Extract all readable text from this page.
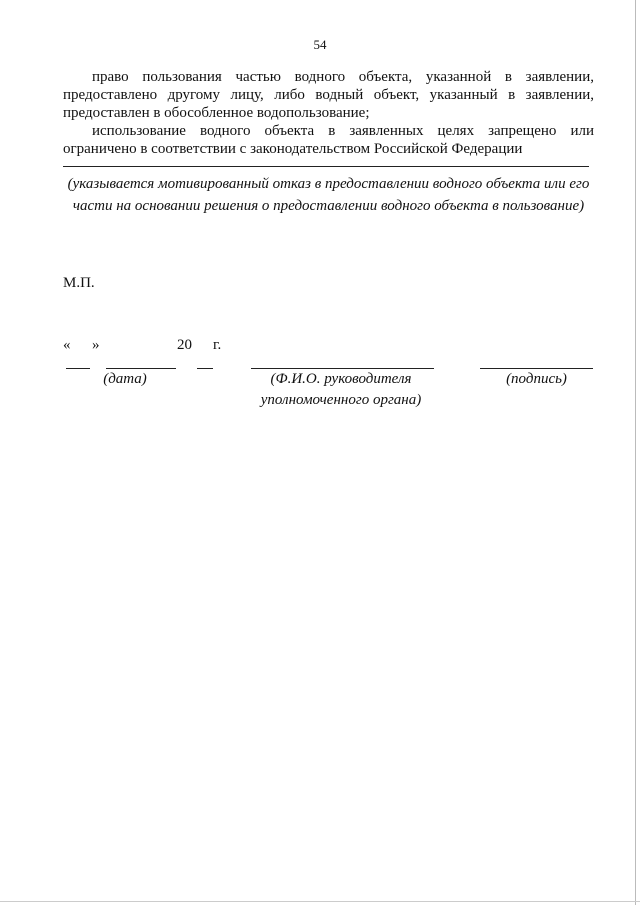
54
право пользования частью водного объекта, указанной в заявлении, предоставлено другому лицу, либо водный объект, указанный в заявлении, предоставлен в обособленное водопользование;
использование водного объекта в заявленных целях запрещено или ограничено в соответствии с законодательством Российской Федерации
(указывается мотивированный отказ в предоставлении водного объекта или его части на основании решения о предоставлении водного объекта в пользование)
М.П.
« »	20 г.
(дата)	(Ф.И.О. руководителя уполномоченного органа)
(подпись)
